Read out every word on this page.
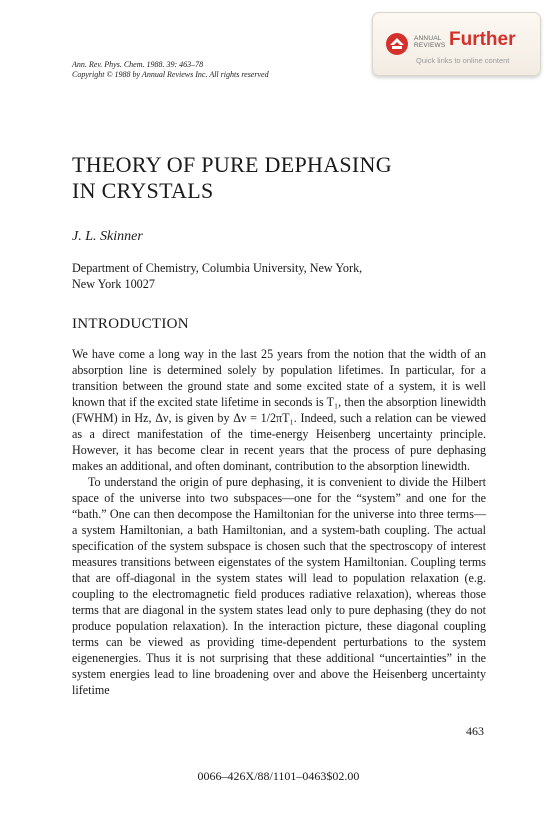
Ann. Rev. Phys. Chem. 1988. 39: 463–78
Copyright © 1988 by Annual Reviews Inc. All rights reserved
ANNUAL
REVIEWS Further
Quick links to online content
THEORY OF PURE DEPHASING
IN CRYSTALS
J. L. Skinner
Department of Chemistry, Columbia University, New York,
New York 10027
INTRODUCTION

We have come a long way in the last 25 years from the notion that the width of an absorption line is determined solely by population lifetimes. In particular, for a transition between the ground state and some excited state of a system, it is well known that if the excited state lifetime in seconds is T₁, then the absorption linewidth (FWHM) in Hz, Δν, is given by Δν = 1/2πT₁. Indeed, such a relation can be viewed as a direct manifestation of the time-energy Heisenberg uncertainty principle. However, it has become clear in recent years that the process of pure dephasing makes an additional, and often dominant, contribution to the absorption linewidth.

To understand the origin of pure dephasing, it is convenient to divide the Hilbert space of the universe into two subspaces—one for the “system” and one for the “bath.” One can then decompose the Hamiltonian for the universe into three terms—a system Hamiltonian, a bath Hamiltonian, and a system-bath coupling. The actual specification of the system subspace is chosen such that the spectroscopy of interest measures transitions between eigenstates of the system Hamiltonian. Coupling terms that are off-diagonal in the system states will lead to population relaxation (e.g. coupling to the electromagnetic field produces radiative relaxation), whereas those terms that are diagonal in the system states lead only to pure dephasing (they do not produce population relaxation). In the interaction picture, these diagonal coupling terms can be viewed as providing time-dependent perturbations to the system eigenenergies. Thus it is not surprising that these additional “uncertainties” in the system energies lead to line broadening over and above the Heisenberg uncertainty lifetime

463
0066–426X/88/1101–0463$02.00
